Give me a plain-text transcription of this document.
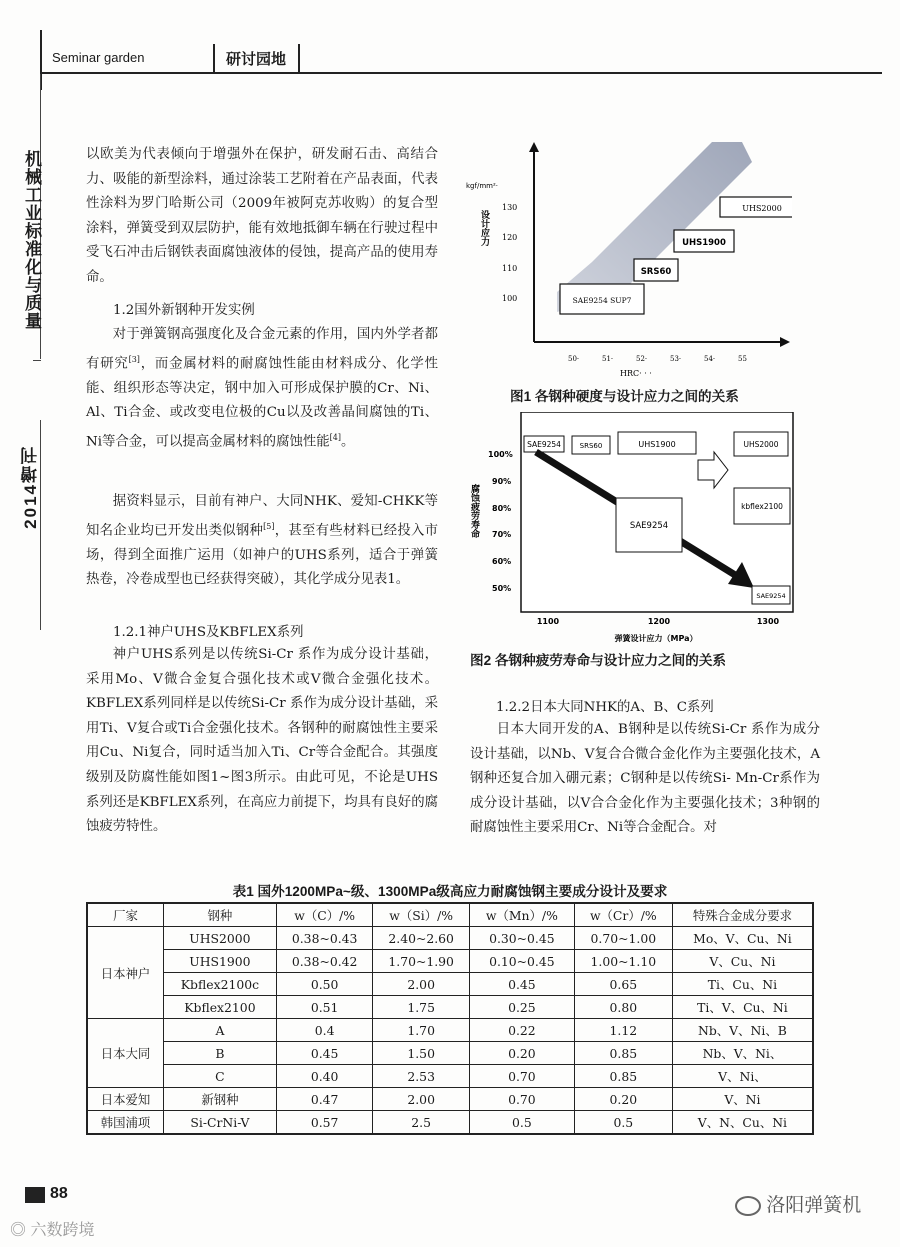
Seminar garden	研讨园地
机械工业标准化与质量
2014增刊

以欧美为代表倾向于增强外在保护，研发耐石击、高结合力、吸能的新型涂料，通过涂装工艺附着在产品表面，代表性涂料为罗门哈斯公司（2009年被阿克苏收购）的复合型涂料，弹簧受到双层防护，能有效地抵御车辆在行驶过程中受飞石冲击后钢铁表面腐蚀液体的侵蚀，提高产品的使用寿命。

1.2国外新钢种开发实例

对于弹簧钢高强度化及合金元素的作用，国内外学者都有研究[3]，而金属材料的耐腐蚀性能由材料成分、化学性能、组织形态等决定，钢中加入可形成保护膜的Cr、Ni、Al、Ti合金、或改变电位极的Cu以及改善晶间腐蚀的Ti、Ni等合金，可以提高金属材料的腐蚀性能[4]。

据资料显示，目前有神户、大同NHK、爱知-CHKK等知名企业均已开发出类似钢种[5]，甚至有些材料已经投入市场，得到全面推广运用（如神户的UHS系列，适合于弹簧热卷，冷卷成型也已经获得突破），其化学成分见表1。

1.2.1神户UHS及KBFLEX系列

神户UHS系列是以传统Si-Cr 系作为成分设计基础，采用Mo、V微合金复合强化技术或V微合金强化技术。KBFLEX系列同样是以传统Si-Cr 系作为成分设计基础，采用Ti、V复合或Ti合金强化技术。各钢种的耐腐蚀性主要采用Cu、Ni复合，同时适当加入Ti、Cr等合金配合。其强度级别及防腐性能如图1~图3所示。由此可见，不论是UHS系列还是KBFLEX系列，在高应力前提下，均具有良好的腐蚀疲劳特性。

kgf/mm²·
设计应力
130
120
110
100
UHS2000
UHS1900
SRS60
SAE9254 SUP7
50·	51·	52·	53·	54·	55
HRC· · ·
图1 各钢种硬度与设计应力之间的关系
腐蚀疲劳寿命
100%
90%
80%
70%
60%
50%
SAE9254	SRS60	UHS1900	UHS2000
kbflex2100
SAE9254
SAE9254
1100	1200	1300
弹簧设计应力（MPa）
图2 各钢种疲劳寿命与设计应力之间的关系
1.2.2日本大同NHK的A、B、C系列

日本大同开发的A、B钢种是以传统Si-Cr 系作为成分设计基础，以Nb、V复合合微合金化作为主要强化技术，A钢种还复合加入硼元素；C钢种是以传统Si- Mn-Cr系作为成分设计基础，以V合合金化作为主要强化技术；3种钢的耐腐蚀性主要采用Cr、Ni等合金配合。对

表1 国外1200MPa~级、1300MPa级高应力耐腐蚀钢主要成分设计及要求
厂家	钢种	w（C）/%	w（Si）/%	w（Mn）/%	w（Cr）/%	特殊合金成分要求
日本神户	UHS2000	0.38~0.43	2.40~2.60	0.30~0.45	0.70~1.00	Mo、V、Cu、Ni
	UHS1900	0.38~0.42	1.70~1.90	0.10~0.45	1.00~1.10	V、Cu、Ni
	Kbflex2100c	0.50	2.00	0.45	0.65	Ti、Cu、Ni
	Kbflex2100	0.51	1.75	0.25	0.80	Ti、V、Cu、Ni
日本大同	A	0.4	1.70	0.22	1.12	Nb、V、Ni、B
	B	0.45	1.50	0.20	0.85	Nb、V、Ni、
	C	0.40	2.53	0.70	0.85	V、Ni、
日本爱知	新钢种	0.47	2.00	0.70	0.20	V、Ni
韩国浦项	Si-CrNi-V	0.57	2.5	0.5	0.5	V、N、Cu、Ni
88
洛阳弹簧机
◎ 六数跨境
